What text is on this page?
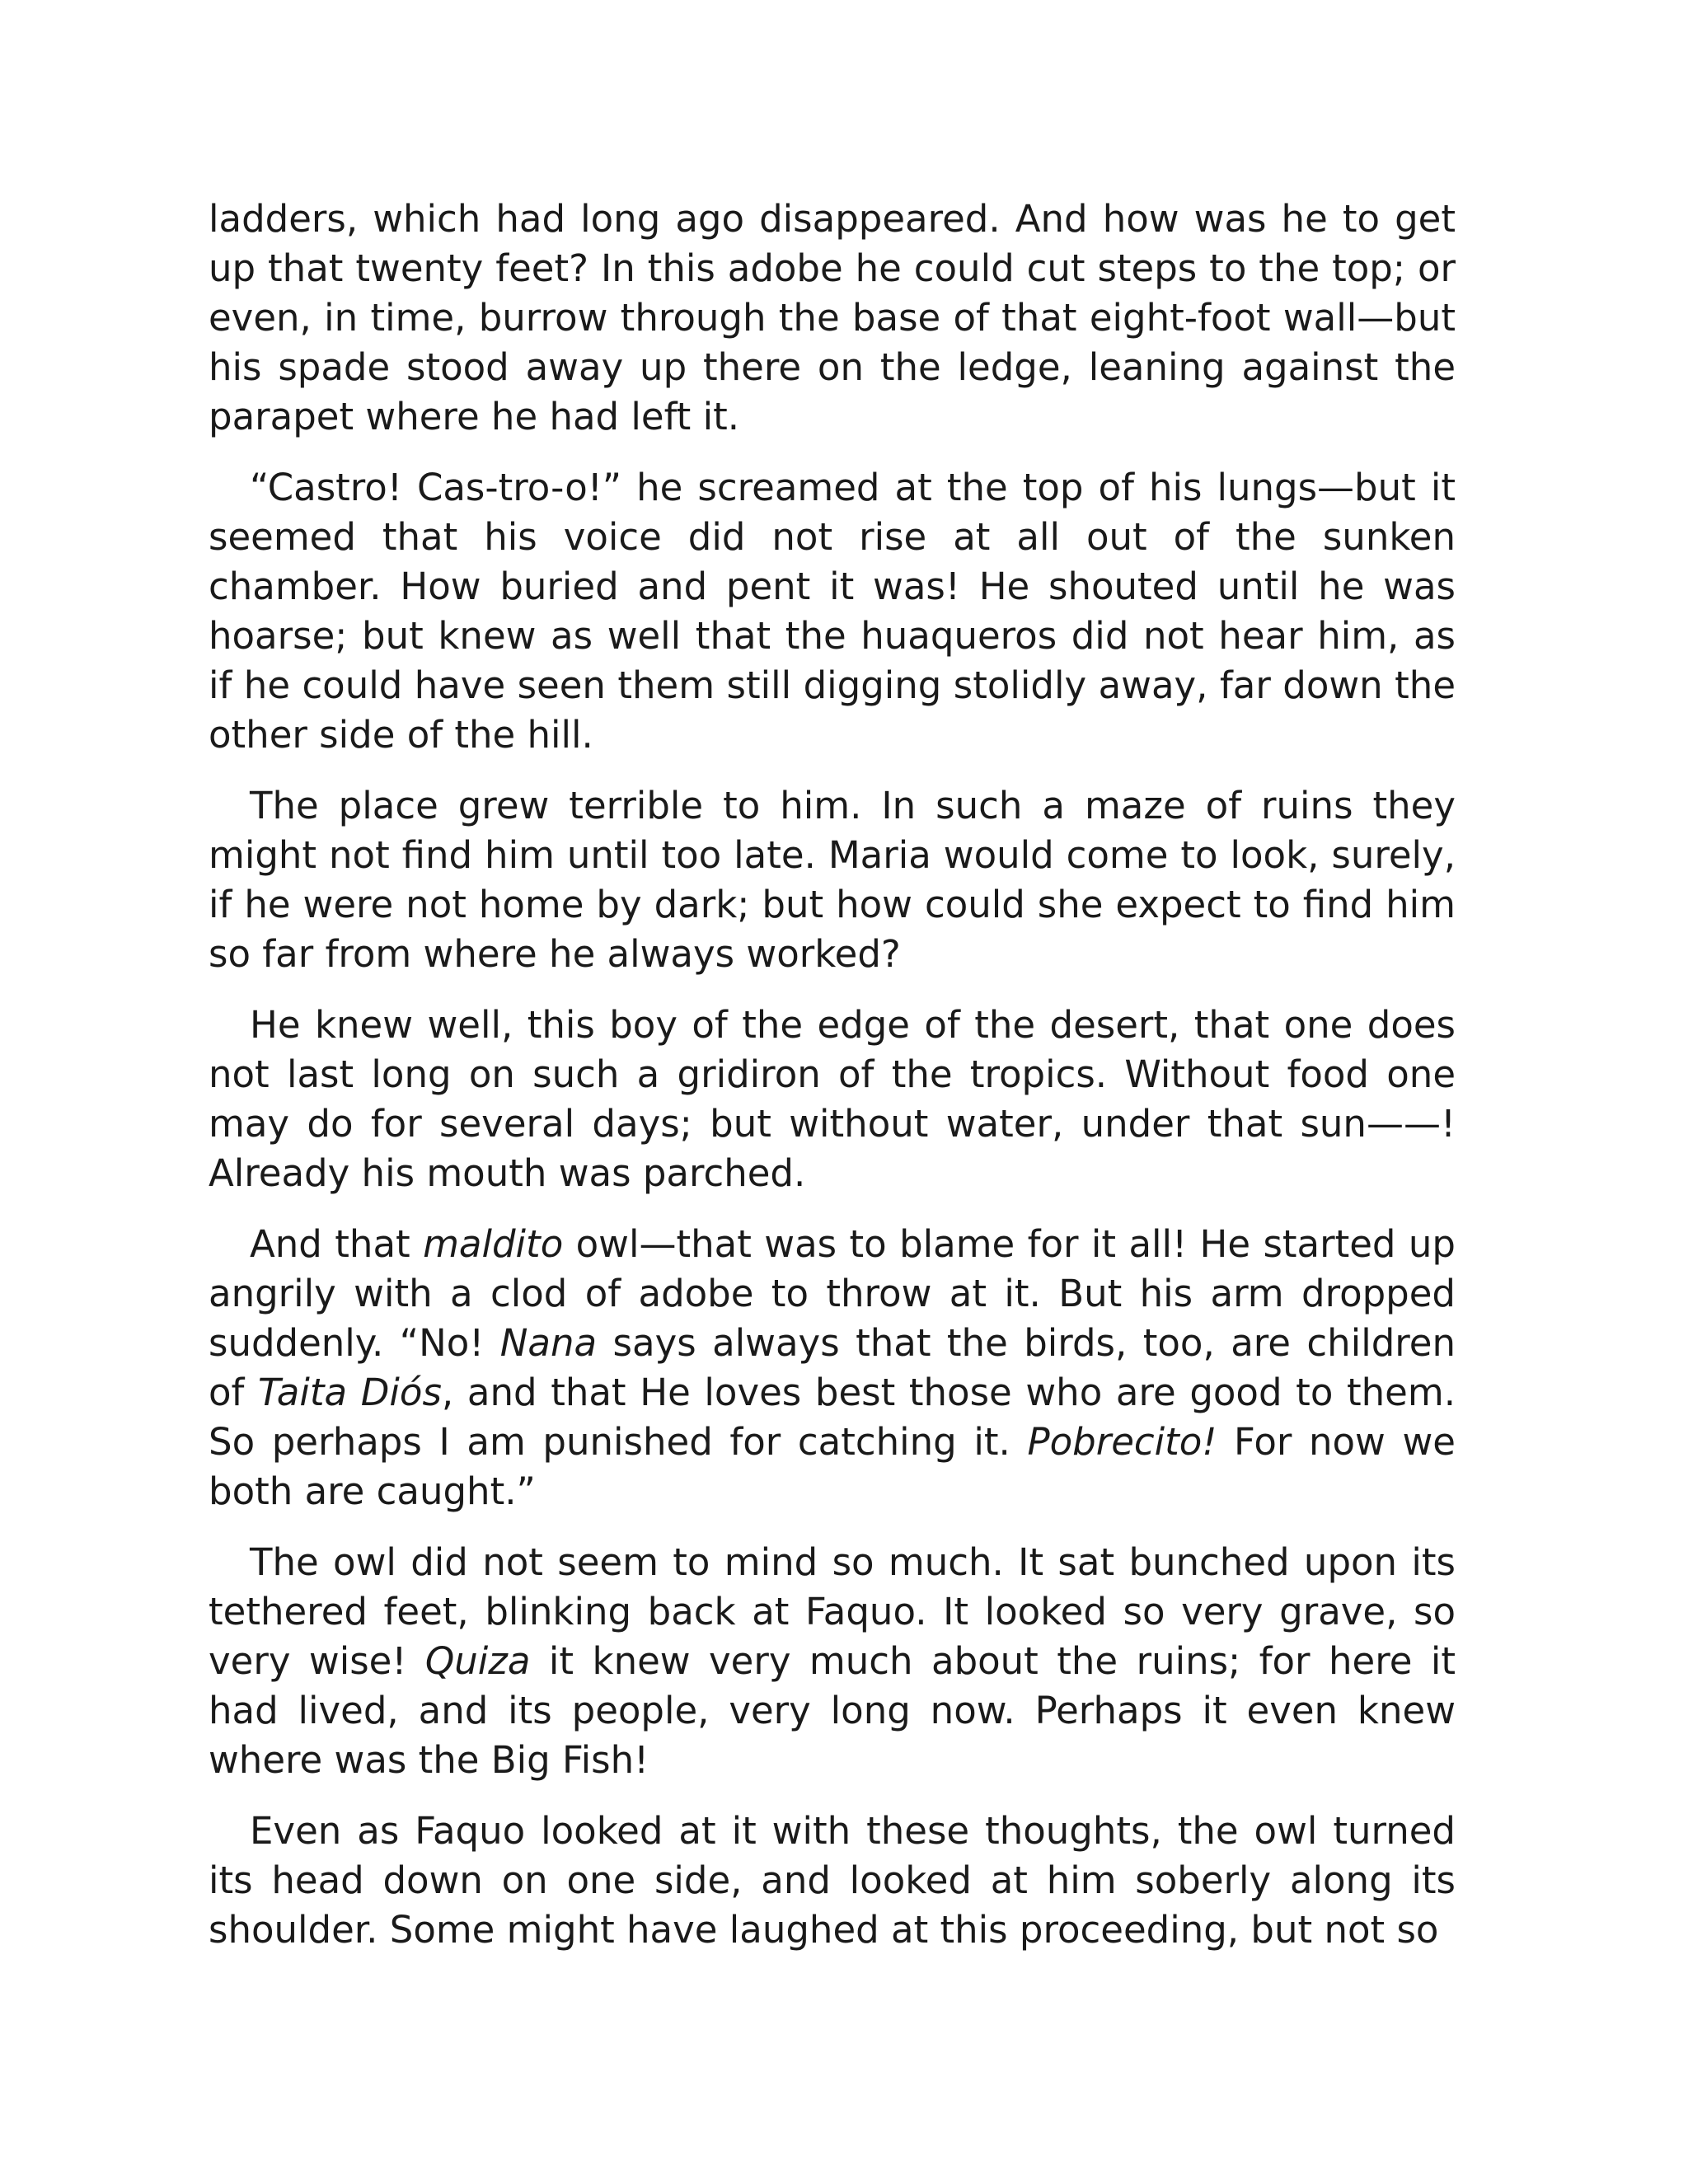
ladders, which had long ago disappeared. And how was he to get up that twenty feet? In this adobe he could cut steps to the top; or even, in time, burrow through the base of that eight-foot wall—but his spade stood away up there on the ledge, leaning against the parapet where he had left it.

“Castro! Cas-tro-o!” he screamed at the top of his lungs—but it seemed that his voice did not rise at all out of the sunken chamber. How buried and pent it was! He shouted until he was hoarse; but knew as well that the huaqueros did not hear him, as if he could have seen them still digging stolidly away, far down the other side of the hill.

The place grew terrible to him. In such a maze of ruins they might not find him until too late. Maria would come to look, surely, if he were not home by dark; but how could she expect to find him so far from where he always worked?

He knew well, this boy of the edge of the desert, that one does not last long on such a gridiron of the tropics. Without food one may do for several days; but without water, under that sun——! Already his mouth was parched.

And that maldito owl—that was to blame for it all! He started up angrily with a clod of adobe to throw at it. But his arm dropped suddenly. “No! Nana says always that the birds, too, are children of Taita Diós, and that He loves best those who are good to them. So perhaps I am punished for catching it. Pobrecito! For now we both are caught.”

The owl did not seem to mind so much. It sat bunched upon its tethered feet, blinking back at Faquo. It looked so very grave, so very wise! Quiza it knew very much about the ruins; for here it had lived, and its people, very long now. Perhaps it even knew where was the Big Fish!

Even as Faquo looked at it with these thoughts, the owl turned its head down on one side, and looked at him soberly along its shoulder. Some might have laughed at this proceeding, but not so
